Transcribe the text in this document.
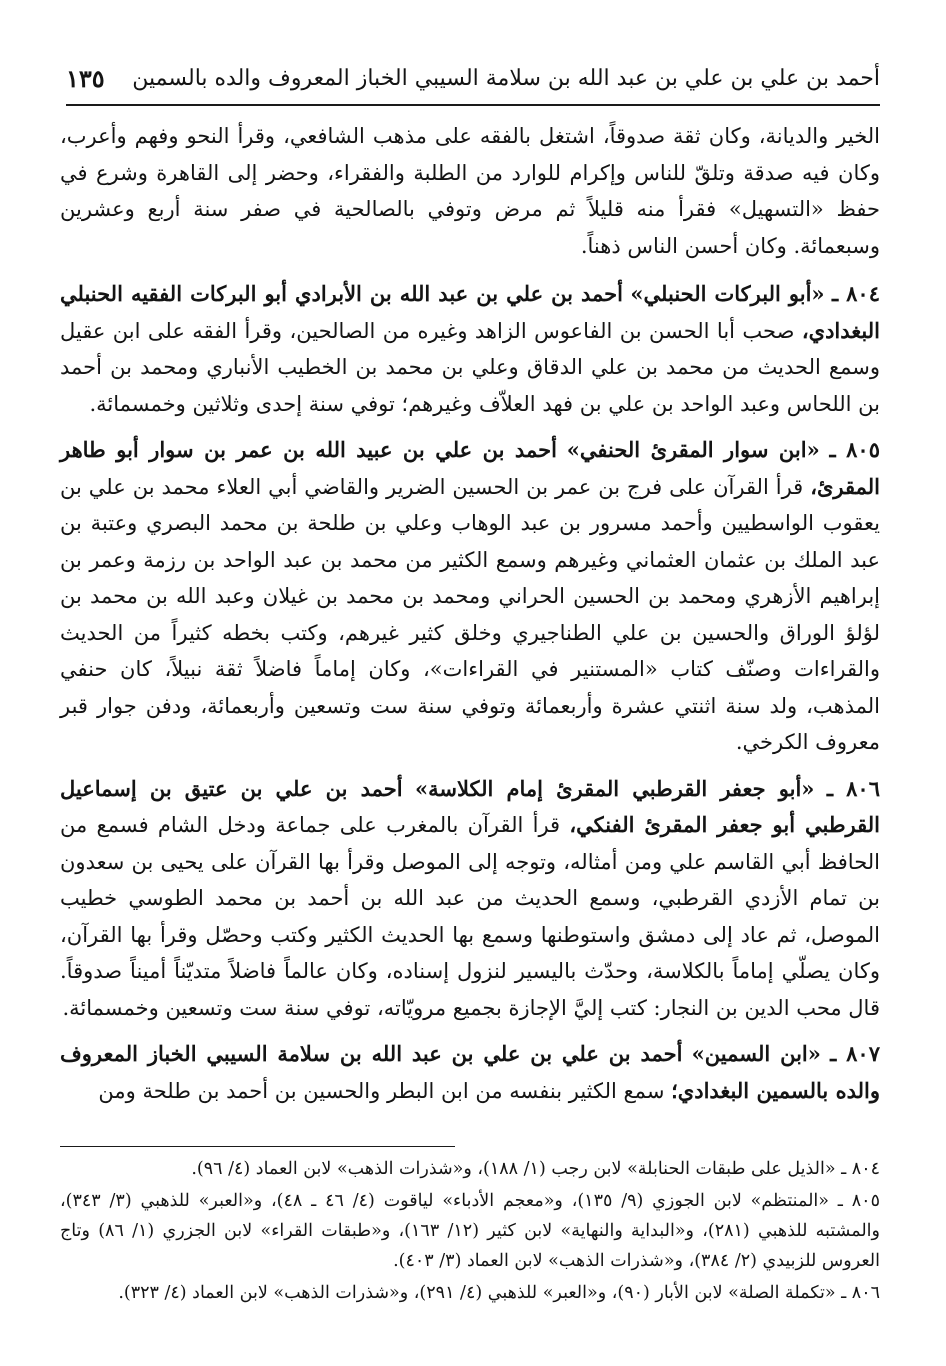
أحمد بن علي بن علي بن عبد الله بن سلامة السيبي الخباز المعروف والده بالسمين
١٣٥

الخير والديانة، وكان ثقة صدوقاً، اشتغل بالفقه على مذهب الشافعي، وقرأ النحو وفهم وأعرب، وكان فيه صدقة وتلقّ للناس وإكرام للوارد من الطلبة والفقراء، وحضر إلى القاهرة وشرع في حفظ «التسهيل» فقرأ منه قليلاً ثم مرض وتوفي بالصالحية في صفر سنة أربع وعشرين وسبعمائة. وكان أحسن الناس ذهناً.

٨٠٤ ـ «أبو البركات الحنبلي» أحمد بن علي بن عبد الله بن الأبرادي أبو البركات الفقيه الحنبلي البغدادي، صحب أبا الحسن بن الفاعوس الزاهد وغيره من الصالحين، وقرأ الفقه على ابن عقيل وسمع الحديث من محمد بن علي الدقاق وعلي بن محمد بن الخطيب الأنباري ومحمد بن أحمد بن اللحاس وعبد الواحد بن علي بن فهد العلاّف وغيرهم؛ توفي سنة إحدى وثلاثين وخمسمائة.

٨٠٥ ـ «ابن سوار المقرئ الحنفي» أحمد بن علي بن عبيد الله بن عمر بن سوار أبو طاهر المقرئ، قرأ القرآن على فرج بن عمر بن الحسين الضرير والقاضي أبي العلاء محمد بن علي بن يعقوب الواسطيين وأحمد مسرور بن عبد الوهاب وعلي بن طلحة بن محمد البصري وعتبة بن عبد الملك بن عثمان العثماني وغيرهم وسمع الكثير من محمد بن عبد الواحد بن رزمة وعمر بن إبراهيم الأزهري ومحمد بن الحسين الحراني ومحمد بن محمد بن غيلان وعبد الله بن محمد بن لؤلؤ الوراق والحسين بن علي الطناجيري وخلق كثير غيرهم، وكتب بخطه كثيراً من الحديث والقراءات وصنّف كتاب «المستنير في القراءات»، وكان إماماً فاضلاً ثقة نبيلاً، كان حنفي المذهب، ولد سنة اثنتي عشرة وأربعمائة وتوفي سنة ست وتسعين وأربعمائة، ودفن جوار قبر معروف الكرخي.

٨٠٦ ـ «أبو جعفر القرطبي المقرئ إمام الكلاسة» أحمد بن علي بن عتيق بن إسماعيل القرطبي أبو جعفر المقرئ الفنكي، قرأ القرآن بالمغرب على جماعة ودخل الشام فسمع من الحافظ أبي القاسم علي ومن أمثاله، وتوجه إلى الموصل وقرأ بها القرآن على يحيى بن سعدون بن تمام الأزدي القرطبي، وسمع الحديث من عبد الله بن أحمد بن محمد الطوسي خطيب الموصل، ثم عاد إلى دمشق واستوطنها وسمع بها الحديث الكثير وكتب وحصّل وقرأ بها القرآن، وكان يصلّي إماماً بالكلاسة، وحدّث باليسير لنزول إسناده، وكان عالماً فاضلاً متديّناً أميناً صدوقاً. قال محب الدين بن النجار: كتب إليَّ الإجازة بجميع مرويّاته، توفي سنة ست وتسعين وخمسمائة.

٨٠٧ ـ «ابن السمين» أحمد بن علي بن علي بن عبد الله بن سلامة السيبي الخباز المعروف والده بالسمين البغدادي؛ سمع الكثير بنفسه من ابن البطر والحسين بن أحمد بن طلحة ومن

٨٠٤ ـ «الذيل على طبقات الحنابلة» لابن رجب (١/ ١٨٨)، و«شذرات الذهب» لابن العماد (٤/ ٩٦).

٨٠٥ ـ «المنتظم» لابن الجوزي (٩/ ١٣٥)، و«معجم الأدباء» لياقوت (٤/ ٤٦ ـ ٤٨)، و«العبر» للذهبي (٣/ ٣٤٣)، والمشتبه للذهبي (٢٨١)، و«البداية والنهاية» لابن كثير (١٢/ ١٦٣)، و«طبقات القراء» لابن الجزري (١/ ٨٦) وتاج العروس للزبيدي (٢/ ٣٨٤)، و«شذرات الذهب» لابن العماد (٣/ ٤٠٣).

٨٠٦ ـ «تكملة الصلة» لابن الأبار (٩٠)، و«العبر» للذهبي (٤/ ٢٩١)، و«شذرات الذهب» لابن العماد (٤/ ٣٢٣).
